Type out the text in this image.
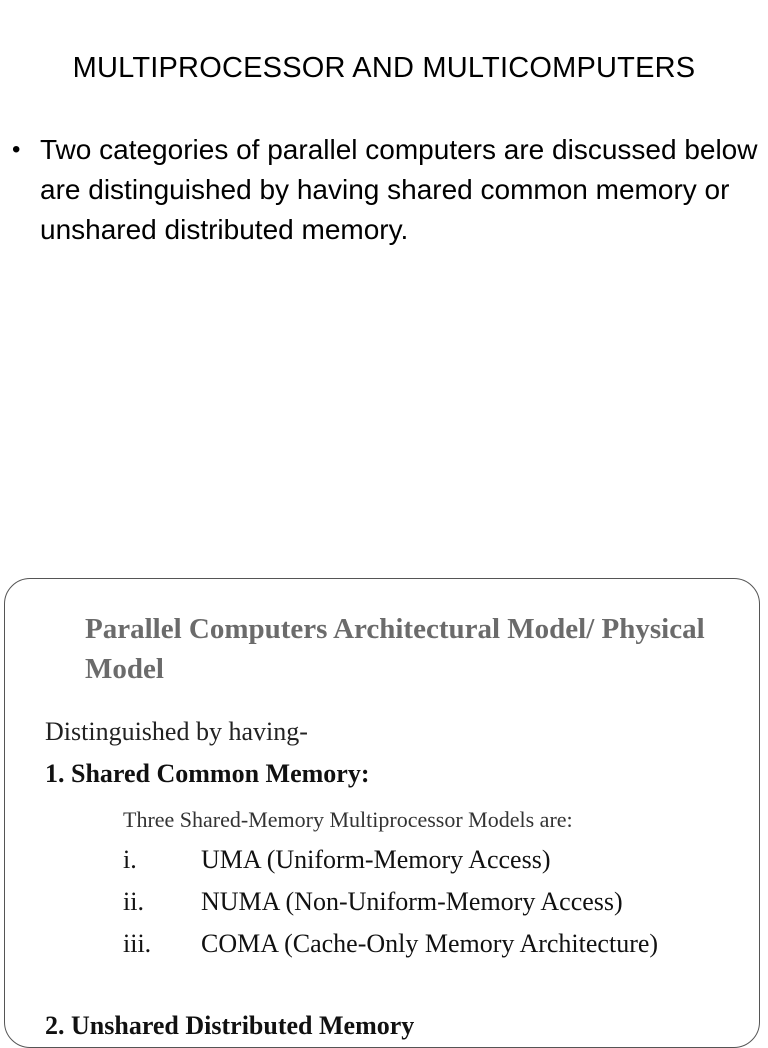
MULTIPROCESSOR AND MULTICOMPUTERS
• Two categories of parallel computers are discussed below are distinguished by having shared common memory or unshared distributed memory.
Parallel Computers Architectural Model/ Physical Model
Distinguished by having-
1. Shared Common Memory:
Three Shared-Memory Multiprocessor Models are:
i.	UMA (Uniform-Memory Access)
ii.	NUMA (Non-Uniform-Memory Access)
iii.	COMA (Cache-Only Memory Architecture)
2. Unshared Distributed Memory
